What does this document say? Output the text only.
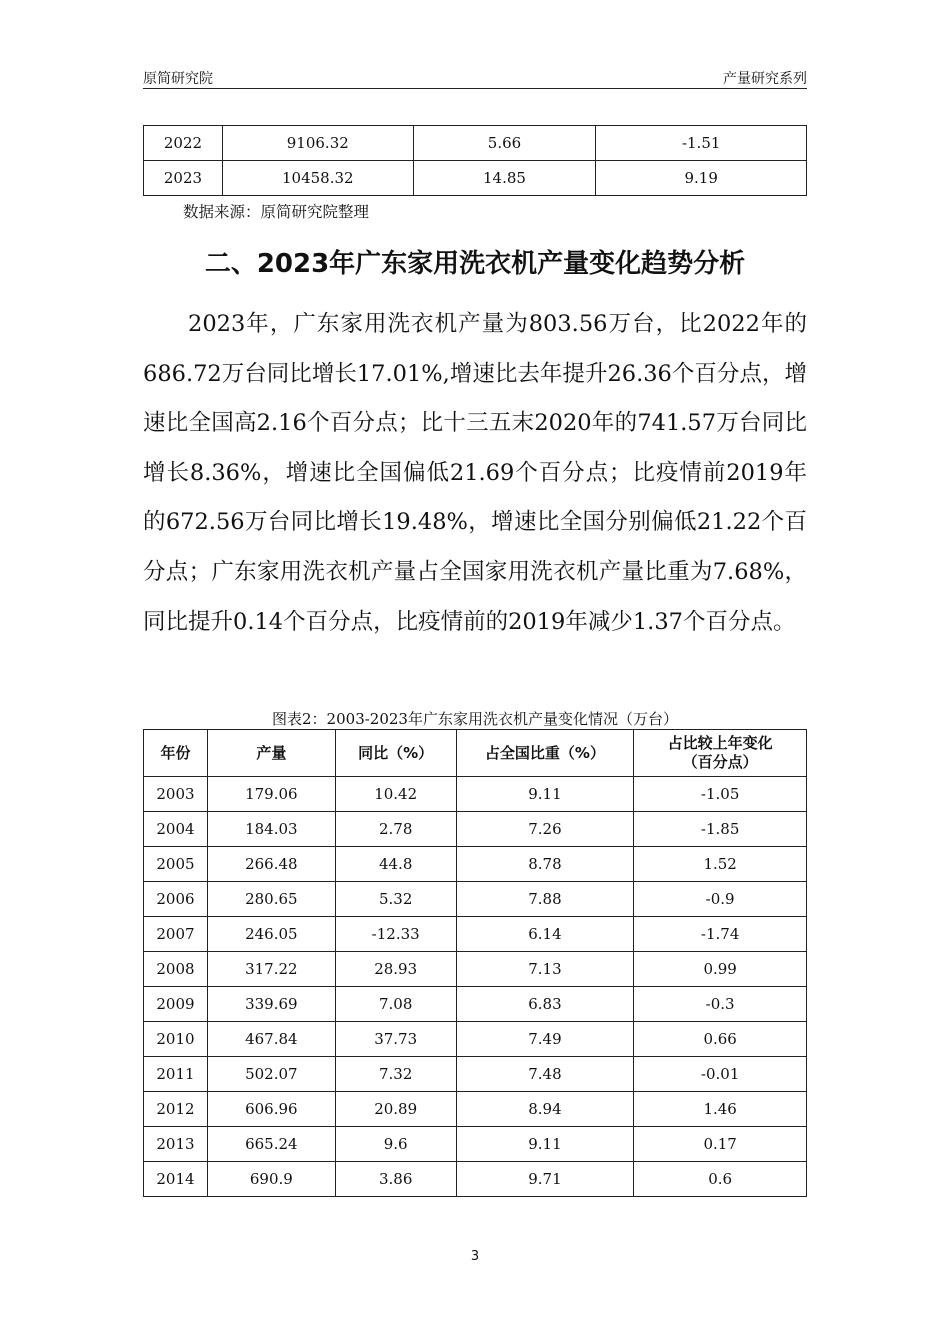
原简研究院	产量研究系列
2022	9106.32	5.66	-1.51
2023	10458.32	14.85	9.19
数据来源：原简研究院整理
二、2023年广东家用洗衣机产量变化趋势分析
2023年，广东家用洗衣机产量为803.56万台，比2022年的686.72万台同比增长17.01%,增速比去年提升26.36个百分点，增速比全国高2.16个百分点；比十三五末2020年的741.57万台同比增长8.36%，增速比全国偏低21.69个百分点；比疫情前2019年的672.56万台同比增长19.48%，增速比全国分别偏低21.22个百分点；广东家用洗衣机产量占全国家用洗衣机产量比重为7.68%，同比提升0.14个百分点，比疫情前的2019年减少1.37个百分点。
图表2：2003-2023年广东家用洗衣机产量变化情况（万台）
年份	产量	同比（%）	占全国比重（%）	占比较上年变化
（百分点）

2003	179.06	10.42	9.11	-1.05
2004	184.03	2.78	7.26	-1.85
2005	266.48	44.8	8.78	1.52
2006	280.65	5.32	7.88	-0.9
2007	246.05	-12.33	6.14	-1.74
2008	317.22	28.93	7.13	0.99
2009	339.69	7.08	6.83	-0.3
2010	467.84	37.73	7.49	0.66
2011	502.07	7.32	7.48	-0.01
2012	606.96	20.89	8.94	1.46
2013	665.24	9.6	9.11	0.17
2014	690.9	3.86	9.71	0.6
3
